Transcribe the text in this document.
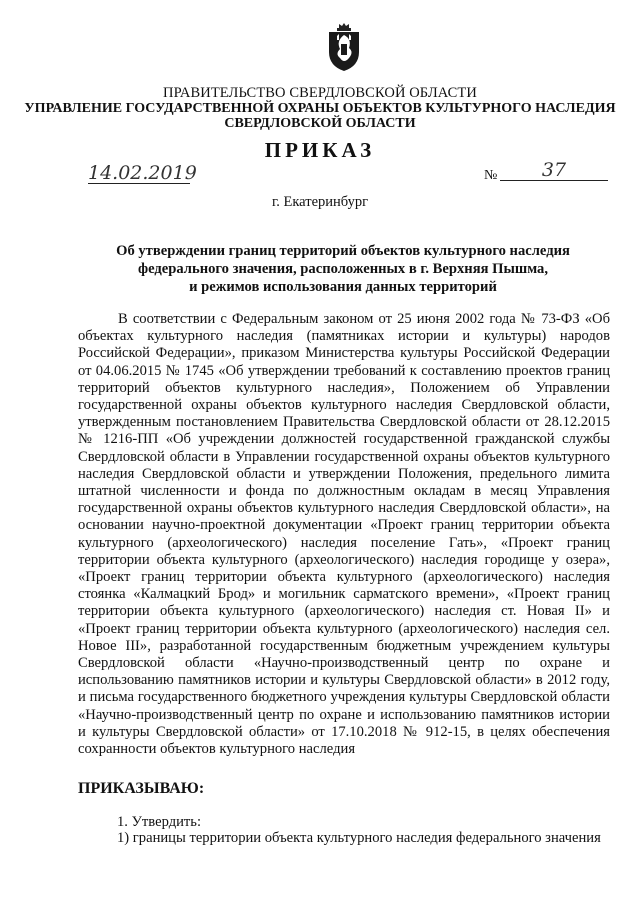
ПРАВИТЕЛЬСТВО СВЕРДЛОВСКОЙ ОБЛАСТИ
УПРАВЛЕНИЕ ГОСУДАРСТВЕННОЙ ОХРАНЫ ОБЪЕКТОВ КУЛЬТУРНОГО НАСЛЕДИЯ
СВЕРДЛОВСКОЙ ОБЛАСТИ
ПРИКАЗ
14.02.2019	№	37
г. Екатеринбург
Об утверждении границ территорий объектов культурного наследия
федерального значения, расположенных в г. Верхняя Пышма,
и режимов использования данных территорий

В соответствии с Федеральным законом от 25 июня 2002 года № 73-ФЗ «Об объектах культурного наследия (памятниках истории и культуры) народов Российской Федерации», приказом Министерства культуры Российской Федерации от 04.06.2015 № 1745 «Об утверждении требований к составлению проектов границ территорий объектов культурного наследия», Положением об Управлении государственной охраны объектов культурного наследия Свердловской области, утвержденным постановлением Правительства Свердловской области от 28.12.2015 № 1216-ПП «Об учреждении должностей государственной гражданской службы Свердловской области в Управлении государственной охраны объектов культурного наследия Свердловской области и утверждении Положения, предельного лимита штатной численности и фонда по должностным окладам в месяц Управления государственной охраны объектов культурного наследия Свердловской области», на основании научно-проектной документации «Проект границ территории объекта культурного (археологического) наследия поселение Гать», «Проект границ территории объекта культурного (археологического) наследия городище у озера», «Проект границ территории объекта культурного (археологического) наследия стоянка «Калмацкий Брод» и могильник сарматского времени», «Проект границ территории объекта культурного (археологического) наследия ст. Новая II» и «Проект границ территории объекта культурного (археологического) наследия сел. Новое III», разработанной государственным бюджетным учреждением культуры Свердловской области «Научно-производственный центр по охране и использованию памятников истории и культуры Свердловской области» в 2012 году, и письма государственного бюджетного учреждения культуры Свердловской области «Научно-производственный центр по охране и использованию памятников истории и культуры Свердловской области» от 17.10.2018 № 912-15, в целях обеспечения сохранности объектов культурного наследия

ПРИКАЗЫВАЮ:
1. Утвердить:
1) границы территории объекта культурного наследия федерального значения
